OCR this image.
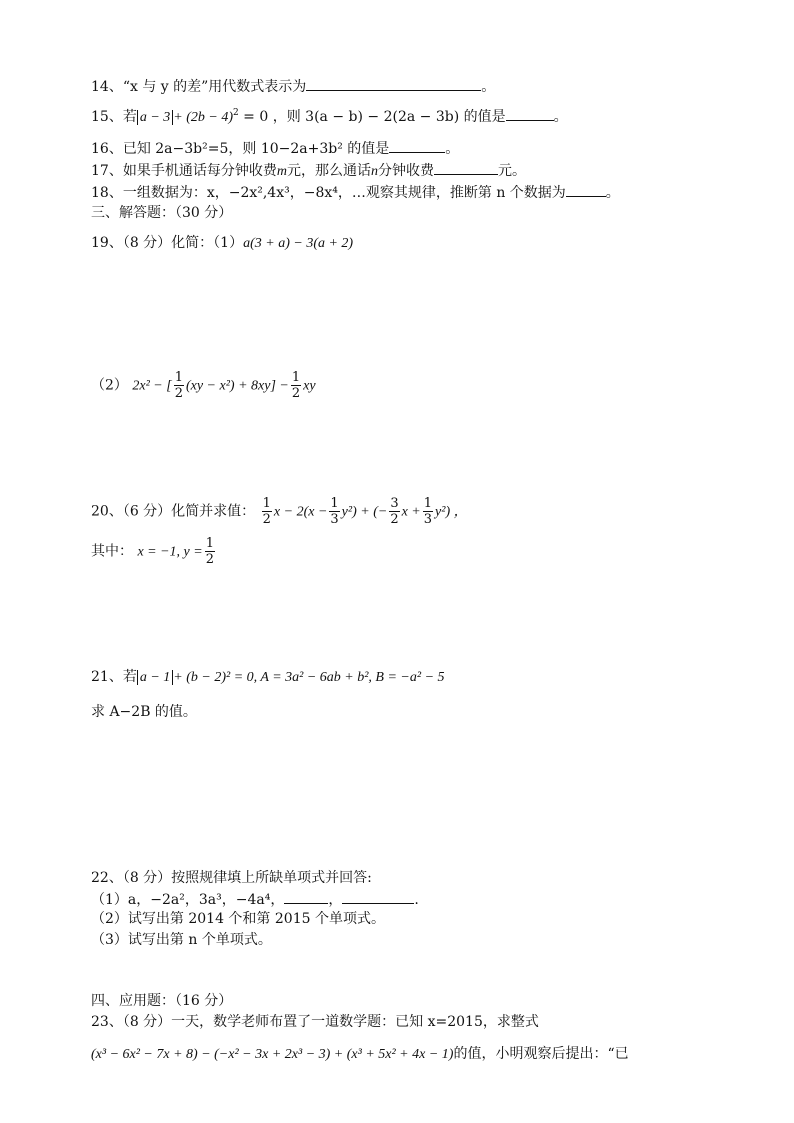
14、“x 与 y 的差”用代数式表示为	。
15、若 $a - 3 + (2b - 4)^2 = 0$ ，则 3(a − b) − 2(2a − 3b) 的值是	。
16、已知 2a−3b²=5，则 10−2a+3b² 的值是	。
17、如果手机通话每分钟收费m元，那么通话n分钟收费	元。
18、一组数据为：x，−2x²,4x³，−8x⁴，…观察其规律，推断第 n 个数据为	。
三、解答题：（30 分）
19、（8 分）化简：（1）a(3 + a) − 3(a + 2)
（2） 2x² − [ $\frac{1}{2} (xy - x^2) + 8xy] - \frac{1}{2}$ xy
20、（6 分）化简并求值： $\frac{1}{2}$ $x - 2(x - \frac{1}{3} y^2)$ + (− $\frac{3}{2}$ $x + \frac{1}{3} y^2$) ，
其中： x = −1, $y = \frac{1}{2}$
21、若 a − 1 + (b − 2)² = 0, A = 3a² − 6ab + b², B = −a² − 5
求 A−2B 的值。
22、（8 分）按照规律填上所缺单项式并回答:
（1）a，−2a²，3a³，−4a⁴，	，	.
（2）试写出第 2014 个和第 2015 个单项式。
（3）试写出第 n 个单项式。
四、应用题：（16 分）
23、（8 分）一天，数学老师布置了一道数学题：已知 x=2015，求整式
(x³ − 6x² − 7x + 8) − (−x² − 3x + 2x³ − 3) + (x³ + 5x² + 4x − 1)的值，小明观察后提出：“已
